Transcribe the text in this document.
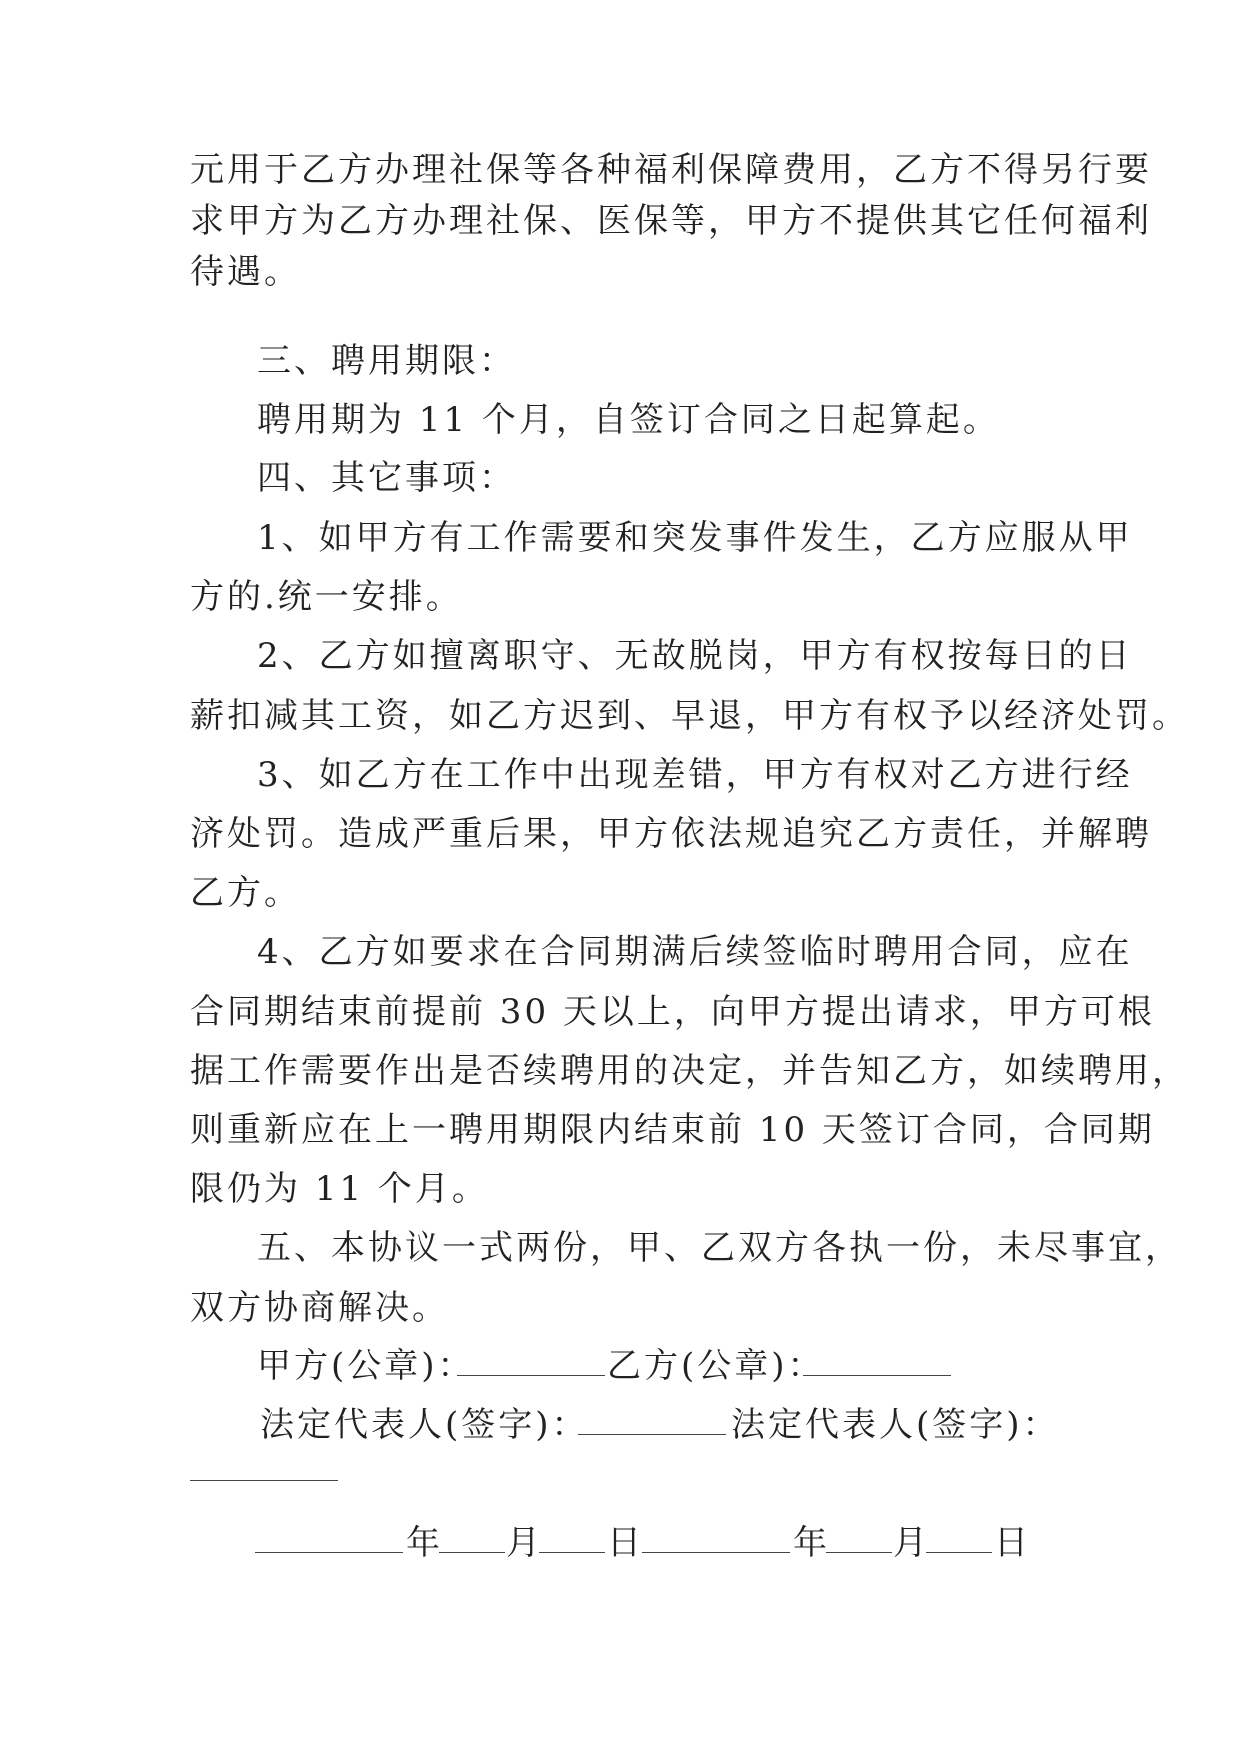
元用于乙方办理社保等各种福利保障费用，乙方不得另行要
求甲方为乙方办理社保、医保等，甲方不提供其它任何福利
待遇。
三、聘用期限：
聘用期为 11 个月，自签订合同之日起算起。
四、其它事项：
1、如甲方有工作需要和突发事件发生，乙方应服从甲
方的.统一安排。
2、乙方如擅离职守、无故脱岗，甲方有权按每日的日
薪扣减其工资，如乙方迟到、早退，甲方有权予以经济处罚。
3、如乙方在工作中出现差错，甲方有权对乙方进行经
济处罚。造成严重后果，甲方依法规追究乙方责任，并解聘
乙方。
4、乙方如要求在合同期满后续签临时聘用合同，应在
合同期结束前提前 30 天以上，向甲方提出请求，甲方可根
据工作需要作出是否续聘用的决定，并告知乙方，如续聘用，
则重新应在上一聘用期限内结束前 10 天签订合同，合同期
限仍为 11 个月。
五、本协议一式两份，甲、乙双方各执一份，未尽事宜，
双方协商解决。
甲方(公章)：	乙方(公章)：
法定代表人(签字)：	法定代表人(签字)：
年 月 日	年 月 日
